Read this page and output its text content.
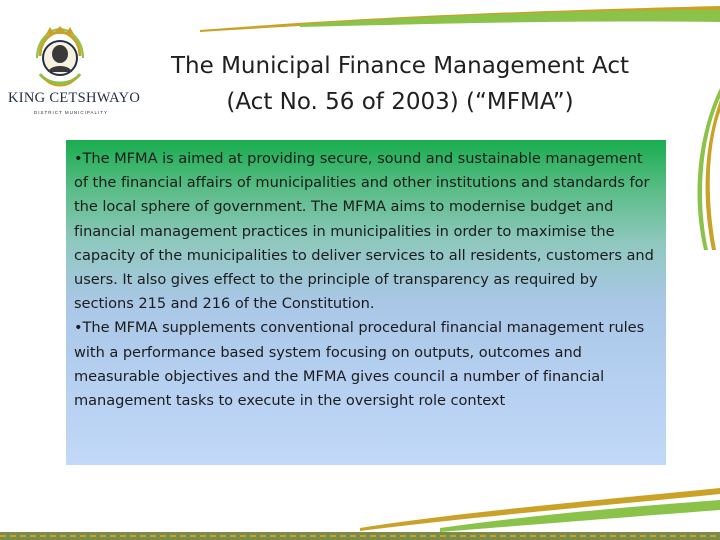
KING CETSHWAYO
DISTRICT MUNICIPALITY
The Municipal Finance Management Act
(Act No. 56 of 2003) (“MFMA”)

•The MFMA is aimed at providing secure, sound and sustainable management of the financial affairs of municipalities and other institutions and standards for the local sphere of government. The MFMA aims to modernise budget and financial management practices in municipalities in order to maximise the capacity of the municipalities to deliver services to all residents, customers and users. It also gives effect to the principle of transparency as required by sections 215 and 216 of the Constitution.

•The MFMA supplements conventional procedural financial management rules with a performance based system focusing on outputs, outcomes and measurable objectives and the MFMA gives council a number of financial management tasks to execute in the oversight role context
